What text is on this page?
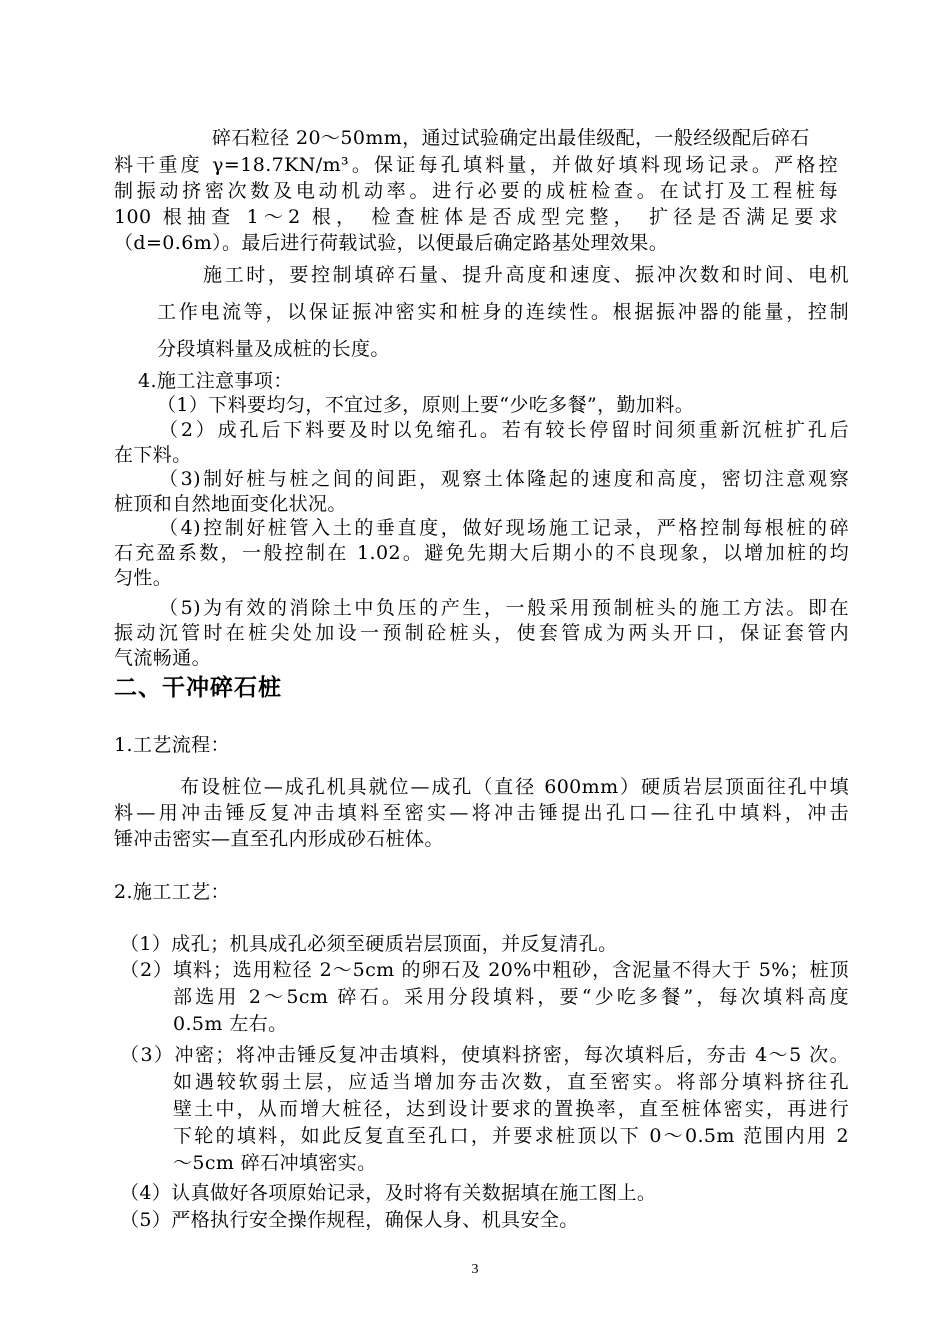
碎石粒径 20～50mm，通过试验确定出最佳级配，一般经级配后碎石
料干重度 γ=18.7KN/m³。保证每孔填料量，并做好填料现场记录。严格控
制振动挤密次数及电动机动率。进行必要的成桩检查。在试打及工程桩每
100 根抽查 1～2 根， 检查桩体是否成型完整， 扩径是否满足要求
（d=0.6m）。最后进行荷载试验，以便最后确定路基处理效果。
施工时，要控制填碎石量、提升高度和速度、振冲次数和时间、电机
工作电流等，以保证振冲密实和桩身的连续性。根据振冲器的能量，控制
分段填料量及成桩的长度。
4.施工注意事项：
（1）下料要均匀，不宜过多，原则上要“少吃多餐”，勤加料。
（2）成孔后下料要及时以免缩孔。若有较长停留时间须重新沉桩扩孔后
在下料。
（3)制好桩与桩之间的间距，观察土体隆起的速度和高度，密切注意观察
桩顶和自然地面变化状况。
（4)控制好桩管入土的垂直度，做好现场施工记录，严格控制每根桩的碎
石充盈系数，一般控制在 1.02。避免先期大后期小的不良现象，以增加桩的均
匀性。
（5)为有效的消除土中负压的产生，一般采用预制桩头的施工方法。即在
振动沉管时在桩尖处加设一预制砼桩头，使套管成为两头开口，保证套管内
气流畅通。
二、干冲碎石桩
1.工艺流程：
布设桩位—成孔机具就位—成孔（直径 600mm）硬质岩层顶面往孔中填
料—用冲击锤反复冲击填料至密实—将冲击锤提出孔口—往孔中填料，冲击
锤冲击密实—直至孔内形成砂石桩体。
2.施工工艺：
（1）成孔；机具成孔必须至硬质岩层顶面，并反复清孔。
（2）填料；选用粒径 2～5cm 的卵石及 20%中粗砂，含泥量不得大于 5%；桩顶
部选用 2～5cm 碎石。采用分段填料，要“少吃多餐”，每次填料高度
0.5m 左右。
（3）冲密；将冲击锤反复冲击填料，使填料挤密，每次填料后，夯击 4～5 次。
如遇较软弱土层，应适当增加夯击次数，直至密实。将部分填料挤往孔
壁土中，从而增大桩径，达到设计要求的置换率，直至桩体密实，再进行
下轮的填料，如此反复直至孔口，并要求桩顶以下 0～0.5m 范围内用 2
～5cm 碎石冲填密实。
（4）认真做好各项原始记录，及时将有关数据填在施工图上。
（5）严格执行安全操作规程，确保人身、机具安全。
3
